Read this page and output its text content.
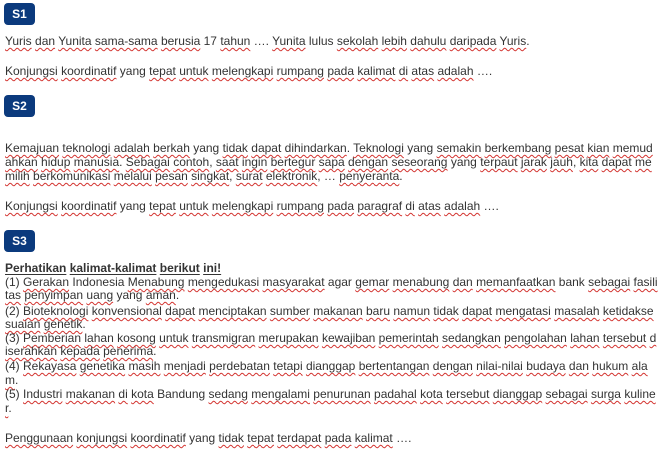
S1
Yuris dan Yunita sama-sama berusia 17 tahun …. Yunita lulus sekolah lebih dahulu daripada Yuris.
Konjungsi koordinatif yang tepat untuk melengkapi rumpang pada kalimat di atas adalah ….
S2
Kemajuan teknologi adalah berkah yang tidak dapat dihindarkan. Teknologi yang semakin berkembang pesat kian memud
ahkan hidup manusia. Sebagai contoh, saat ingin bertegur sapa dengan seseorang yang terpaut jarak jauh, kita dapat me
milih berkomunikasi melalui pesan singkat, surat elektronik, … penyeranta.
Konjungsi koordinatif yang tepat untuk melengkapi rumpang pada paragraf di atas adalah ….
S3
Perhatikan kalimat-kalimat berikut ini!
(1) Gerakan Indonesia Menabung mengedukasi masyarakat agar gemar menabung dan memanfaatkan bank sebagai fasili
tas penyimpan uang yang aman.
(2) Bioteknologi konvensional dapat menciptakan sumber makanan baru namun tidak dapat mengatasi masalah ketidakse
suaian genetik.
(3) Pemberian lahan kosong untuk transmigran merupakan kewajiban pemerintah sedangkan pengolahan lahan tersebut d
iserahkan kepada penerima.
(4) Rekayasa genetika masih menjadi perdebatan tetapi dianggap bertentangan dengan nilai-nilai budaya dan hukum ala
m.
(5) Industri makanan di kota Bandung sedang mengalami penurunan padahal kota tersebut dianggap sebagai surga kuline
r.
Penggunaan konjungsi koordinatif yang tidak tepat terdapat pada kalimat ….
